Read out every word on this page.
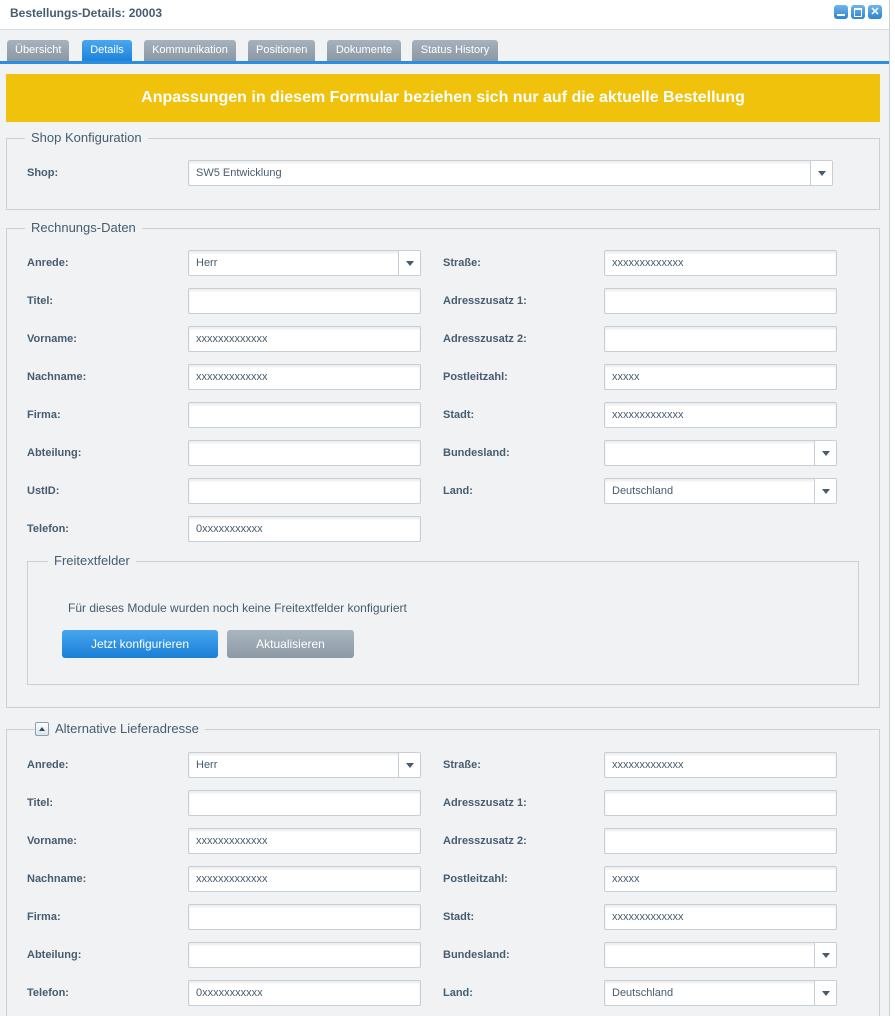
Bestellungs-Details: 20003	✕
Übersicht	Details	Kommunikation	Positionen	Dokumente	Status History
Anpassungen in diesem Formular beziehen sich nur auf die aktuelle Bestellung
Shop Konfiguration
Shop:	SW5 Entwicklung
Rechnungs-Daten
Anrede:	Herr
Titel:
Vorname:	xxxxxxxxxxxxx
Nachname:	xxxxxxxxxxxxx
Firma:
Abteilung:
UstID:
Telefon:	0xxxxxxxxxxx
Straße:	xxxxxxxxxxxxx
Adresszusatz 1:
Adresszusatz 2:
Postleitzahl:	xxxxx
Stadt:	xxxxxxxxxxxxx
Bundesland:
Land:	Deutschland
Freitextfelder
Für dieses Module wurden noch keine Freitextfelder konfiguriert
Jetzt konfigurieren	Aktualisieren
Alternative Lieferadresse
Anrede:	Herr
Titel:
Vorname:	xxxxxxxxxxxxx
Nachname:	xxxxxxxxxxxxx
Firma:
Abteilung:
Telefon:	0xxxxxxxxxxx
Straße:	xxxxxxxxxxxxx
Adresszusatz 1:
Adresszusatz 2:
Postleitzahl:	xxxxx
Stadt:	xxxxxxxxxxxxx
Bundesland:
Land:	Deutschland
